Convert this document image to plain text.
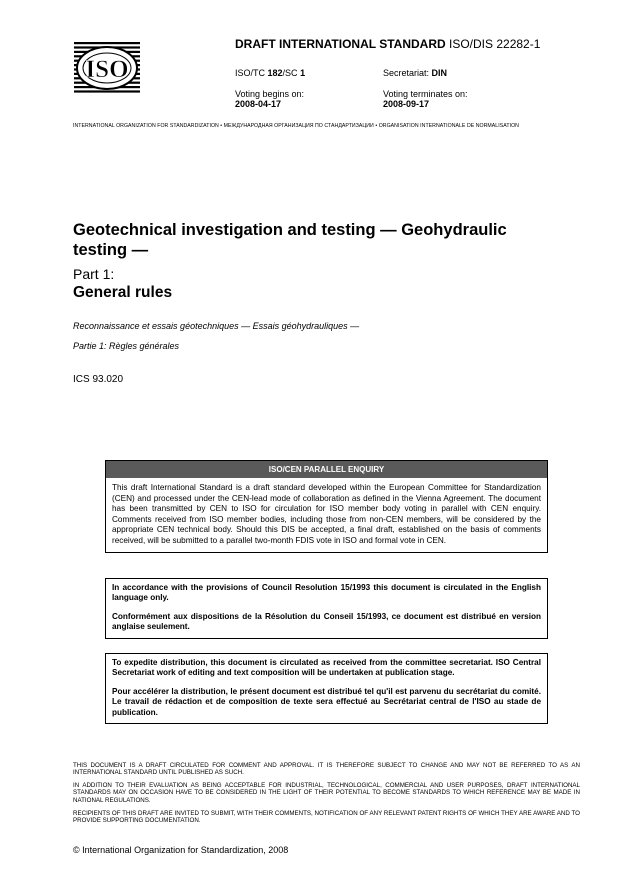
ISO
DRAFT INTERNATIONAL STANDARD ISO/DIS 22282-1
ISO/TC 182/SC 1	Secretariat: DIN
Voting begins on:
2008-04-17
Voting terminates on:
2008-09-17
INTERNATIONAL ORGANIZATION FOR STANDARDIZATION • МЕЖДУНАРОДНАЯ ОРГАНИЗАЦИЯ ПО СТАНДАРТИЗАЦИИ • ORGANISATION INTERNATIONALE DE NORMALISATION
Geotechnical investigation and testing — Geohydraulic testing —
Part 1:
General rules
Reconnaissance et essais géotechniques — Essais géohydrauliques —
Partie 1: Règles générales
ICS 93.020
ISO/CEN PARALLEL ENQUIRY
This draft International Standard is a draft standard developed within the European Committee for Standardization (CEN) and processed under the CEN-lead mode of collaboration as defined in the Vienna Agreement. The document has been transmitted by CEN to ISO for circulation for ISO member body voting in parallel with CEN enquiry. Comments received from ISO member bodies, including those from non-CEN members, will be considered by the appropriate CEN technical body. Should this DIS be accepted, a final draft, established on the basis of comments received, will be submitted to a parallel two-month FDIS vote in ISO and formal vote in CEN.

In accordance with the provisions of Council Resolution 15/1993 this document is circulated in the English language only.

Conformément aux dispositions de la Résolution du Conseil 15/1993, ce document est distribué en version anglaise seulement.

To expedite distribution, this document is circulated as received from the committee secretariat. ISO Central Secretariat work of editing and text composition will be undertaken at publication stage.

Pour accélérer la distribution, le présent document est distribué tel qu'il est parvenu du secrétariat du comité. Le travail de rédaction et de composition de texte sera effectué au Secrétariat central de l'ISO au stade de publication.

THIS DOCUMENT IS A DRAFT CIRCULATED FOR COMMENT AND APPROVAL. IT IS THEREFORE SUBJECT TO CHANGE AND MAY NOT BE REFERRED TO AS AN INTERNATIONAL STANDARD UNTIL PUBLISHED AS SUCH.
IN ADDITION TO THEIR EVALUATION AS BEING ACCEPTABLE FOR INDUSTRIAL, TECHNOLOGICAL, COMMERCIAL AND USER PURPOSES, DRAFT INTERNATIONAL STANDARDS MAY ON OCCASION HAVE TO BE CONSIDERED IN THE LIGHT OF THEIR POTENTIAL TO BECOME STANDARDS TO WHICH REFERENCE MAY BE MADE IN NATIONAL REGULATIONS.
RECIPIENTS OF THIS DRAFT ARE INVITED TO SUBMIT, WITH THEIR COMMENTS, NOTIFICATION OF ANY RELEVANT PATENT RIGHTS OF WHICH THEY ARE AWARE AND TO PROVIDE SUPPORTING DOCUMENTATION.
© International Organization for Standardization, 2008
